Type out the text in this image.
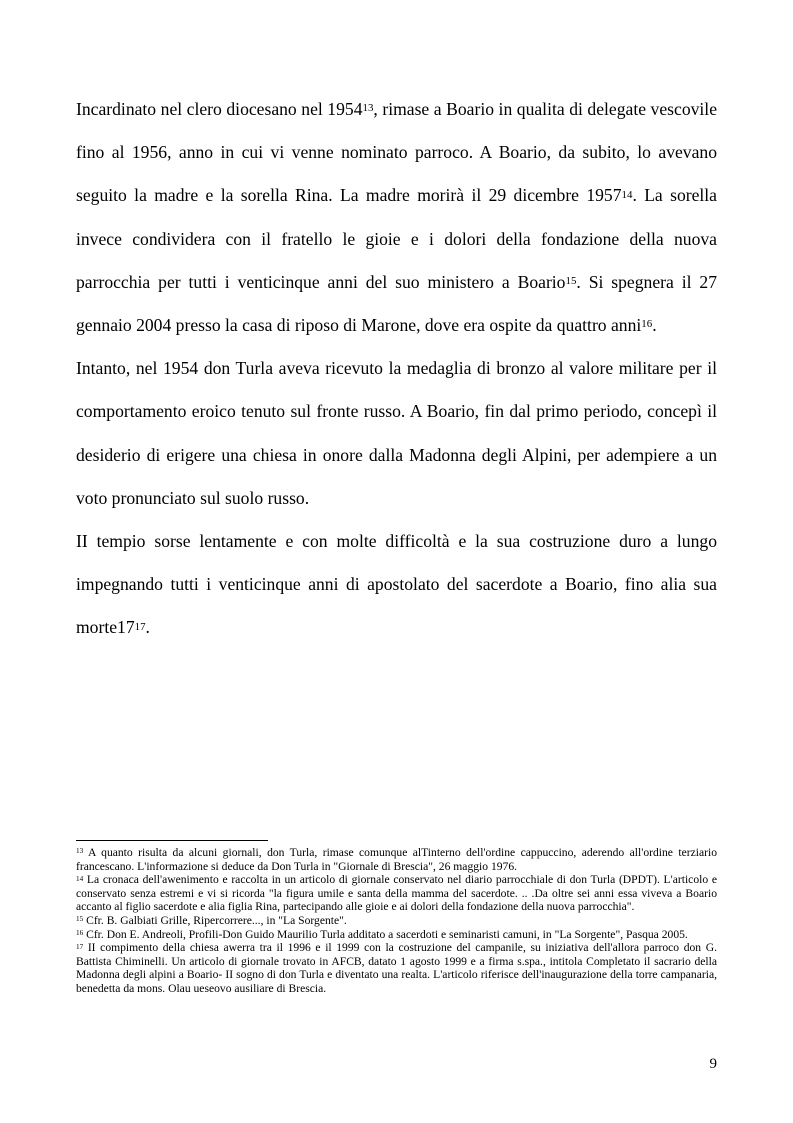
Incardinato nel clero diocesano nel 1954$^{13}$, rimase a Boario in qualita di delegate vescovile fino al 1956, anno in cui vi venne nominato parroco. A Boario, da subito, lo avevano seguito la madre e la sorella Rina. La madre morirà il 29 dicembre 1957$^{14}$. La sorella invece condividera con il fratello le gioie e i dolori della fondazione della nuova parrocchia per tutti i venticinque anni del suo ministero a Boario$^{15}$. Si spegnera il 27 gennaio 2004 presso la casa di riposo di Marone, dove era ospite da quattro anni$^{16}$.

Intanto, nel 1954 don Turla aveva ricevuto la medaglia di bronzo al valore militare per il comportamento eroico tenuto sul fronte russo. A Boario, fin dal primo periodo, concepì il desiderio di erigere una chiesa in onore dalla Madonna degli Alpini, per adempiere a un voto pronunciato sul suolo russo.

II tempio sorse lentamente e con molte difficoltà e la sua costruzione duro a lungo impegnando tutti i venticinque anni di apostolato del sacerdote a Boario, fino alia sua $morte17^{17}$.

$^{13}$ A quanto risulta da alcuni giornali, don Turla, rimase comunque alTinterno dell'ordine cappuccino, aderendo all'ordine terziario francescano. L'informazione si deduce da Don Turla in "Giornale di Brescia", 26 maggio 1976.

$^{14}$ La cronaca dell'awenimento e raccolta in un articolo di giornale conservato nel diario parrocchiale di don Turla (DPDT). L'articolo e conservato senza estremi e vi si ricorda "la figura umile e santa della mamma del sacerdote. .. .Da oltre sei anni essa viveva a Boario accanto al figlio sacerdote e alia figlia Rina, partecipando alle gioie e ai dolori della fondazione della nuova parrocchia".

$^{15}$ Cfr. B. Galbiati Grille, Ripercorrere..., in "La Sorgente".

$^{16}$ Cfr. Don E. Andreoli, Profili-Don Guido Maurilio Turla additato a sacerdoti e seminaristi camuni, in "La Sorgente", Pasqua 2005.

$^{17}$ II compimento della chiesa awerra tra il 1996 e il 1999 con la costruzione del campanile, su iniziativa dell'allora parroco don G. Battista Chiminelli. Un articolo di giornale trovato in AFCB, datato 1 agosto 1999 e a firma s.spa., intitola Completato il sacrario della Madonna degli alpini a Boario- II sogno di don Turla e diventato una realta. L'articolo riferisce dell'inaugurazione della torre campanaria, benedetta da mons. Olau ueseovo ausiliare di Brescia.

9
